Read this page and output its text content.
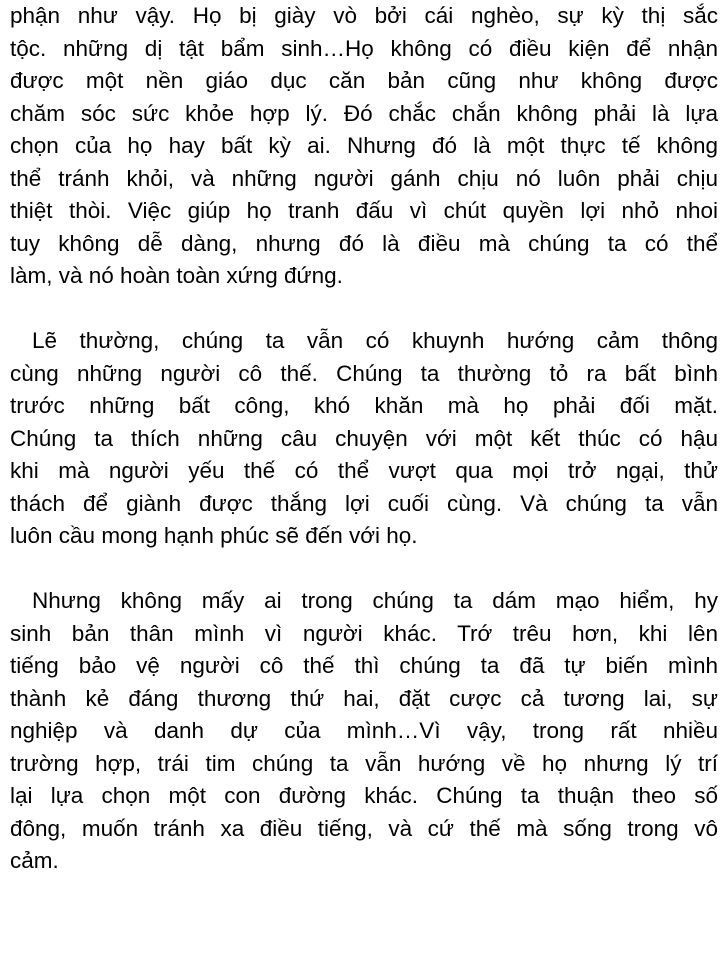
phận như vậy. Họ bị giày vò bởi cái nghèo, sự kỳ thị sắc
tộc. những dị tật bẩm sinh…Họ không có điều kiện để nhận
được một nền giáo dục căn bản cũng như không được
chăm sóc sức khỏe hợp lý. Đó chắc chắn không phải là lựa
chọn của họ hay bất kỳ ai. Nhưng đó là một thực tế không
thể tránh khỏi, và những người gánh chịu nó luôn phải chịu
thiệt thòi. Việc giúp họ tranh đấu vì chút quyền lợi nhỏ nhoi
tuy không dễ dàng, nhưng đó là điều mà chúng ta có thể
làm, và nó hoàn toàn xứng đứng.
Lẽ thường, chúng ta vẫn có khuynh hướng cảm thông
cùng những người cô thế. Chúng ta thường tỏ ra bất bình
trước những bất công, khó khăn mà họ phải đối mặt.
Chúng ta thích những câu chuyện với một kết thúc có hậu
khi mà người yếu thế có thể vượt qua mọi trở ngại, thử
thách để giành được thắng lợi cuối cùng. Và chúng ta vẫn
luôn cầu mong hạnh phúc sẽ đến với họ.
Nhưng không mấy ai trong chúng ta dám mạo hiểm, hy
sinh bản thân mình vì người khác. Trớ trêu hơn, khi lên
tiếng bảo vệ người cô thế thì chúng ta đã tự biến mình
thành kẻ đáng thương thứ hai, đặt cược cả tương lai, sự
nghiệp và danh dự của mình…Vì vậy, trong rất nhiều
trường hợp, trái tim chúng ta vẫn hướng về họ nhưng lý trí
lại lựa chọn một con đường khác. Chúng ta thuận theo số
đông, muốn tránh xa điều tiếng, và cứ thế mà sống trong vô
cảm.
